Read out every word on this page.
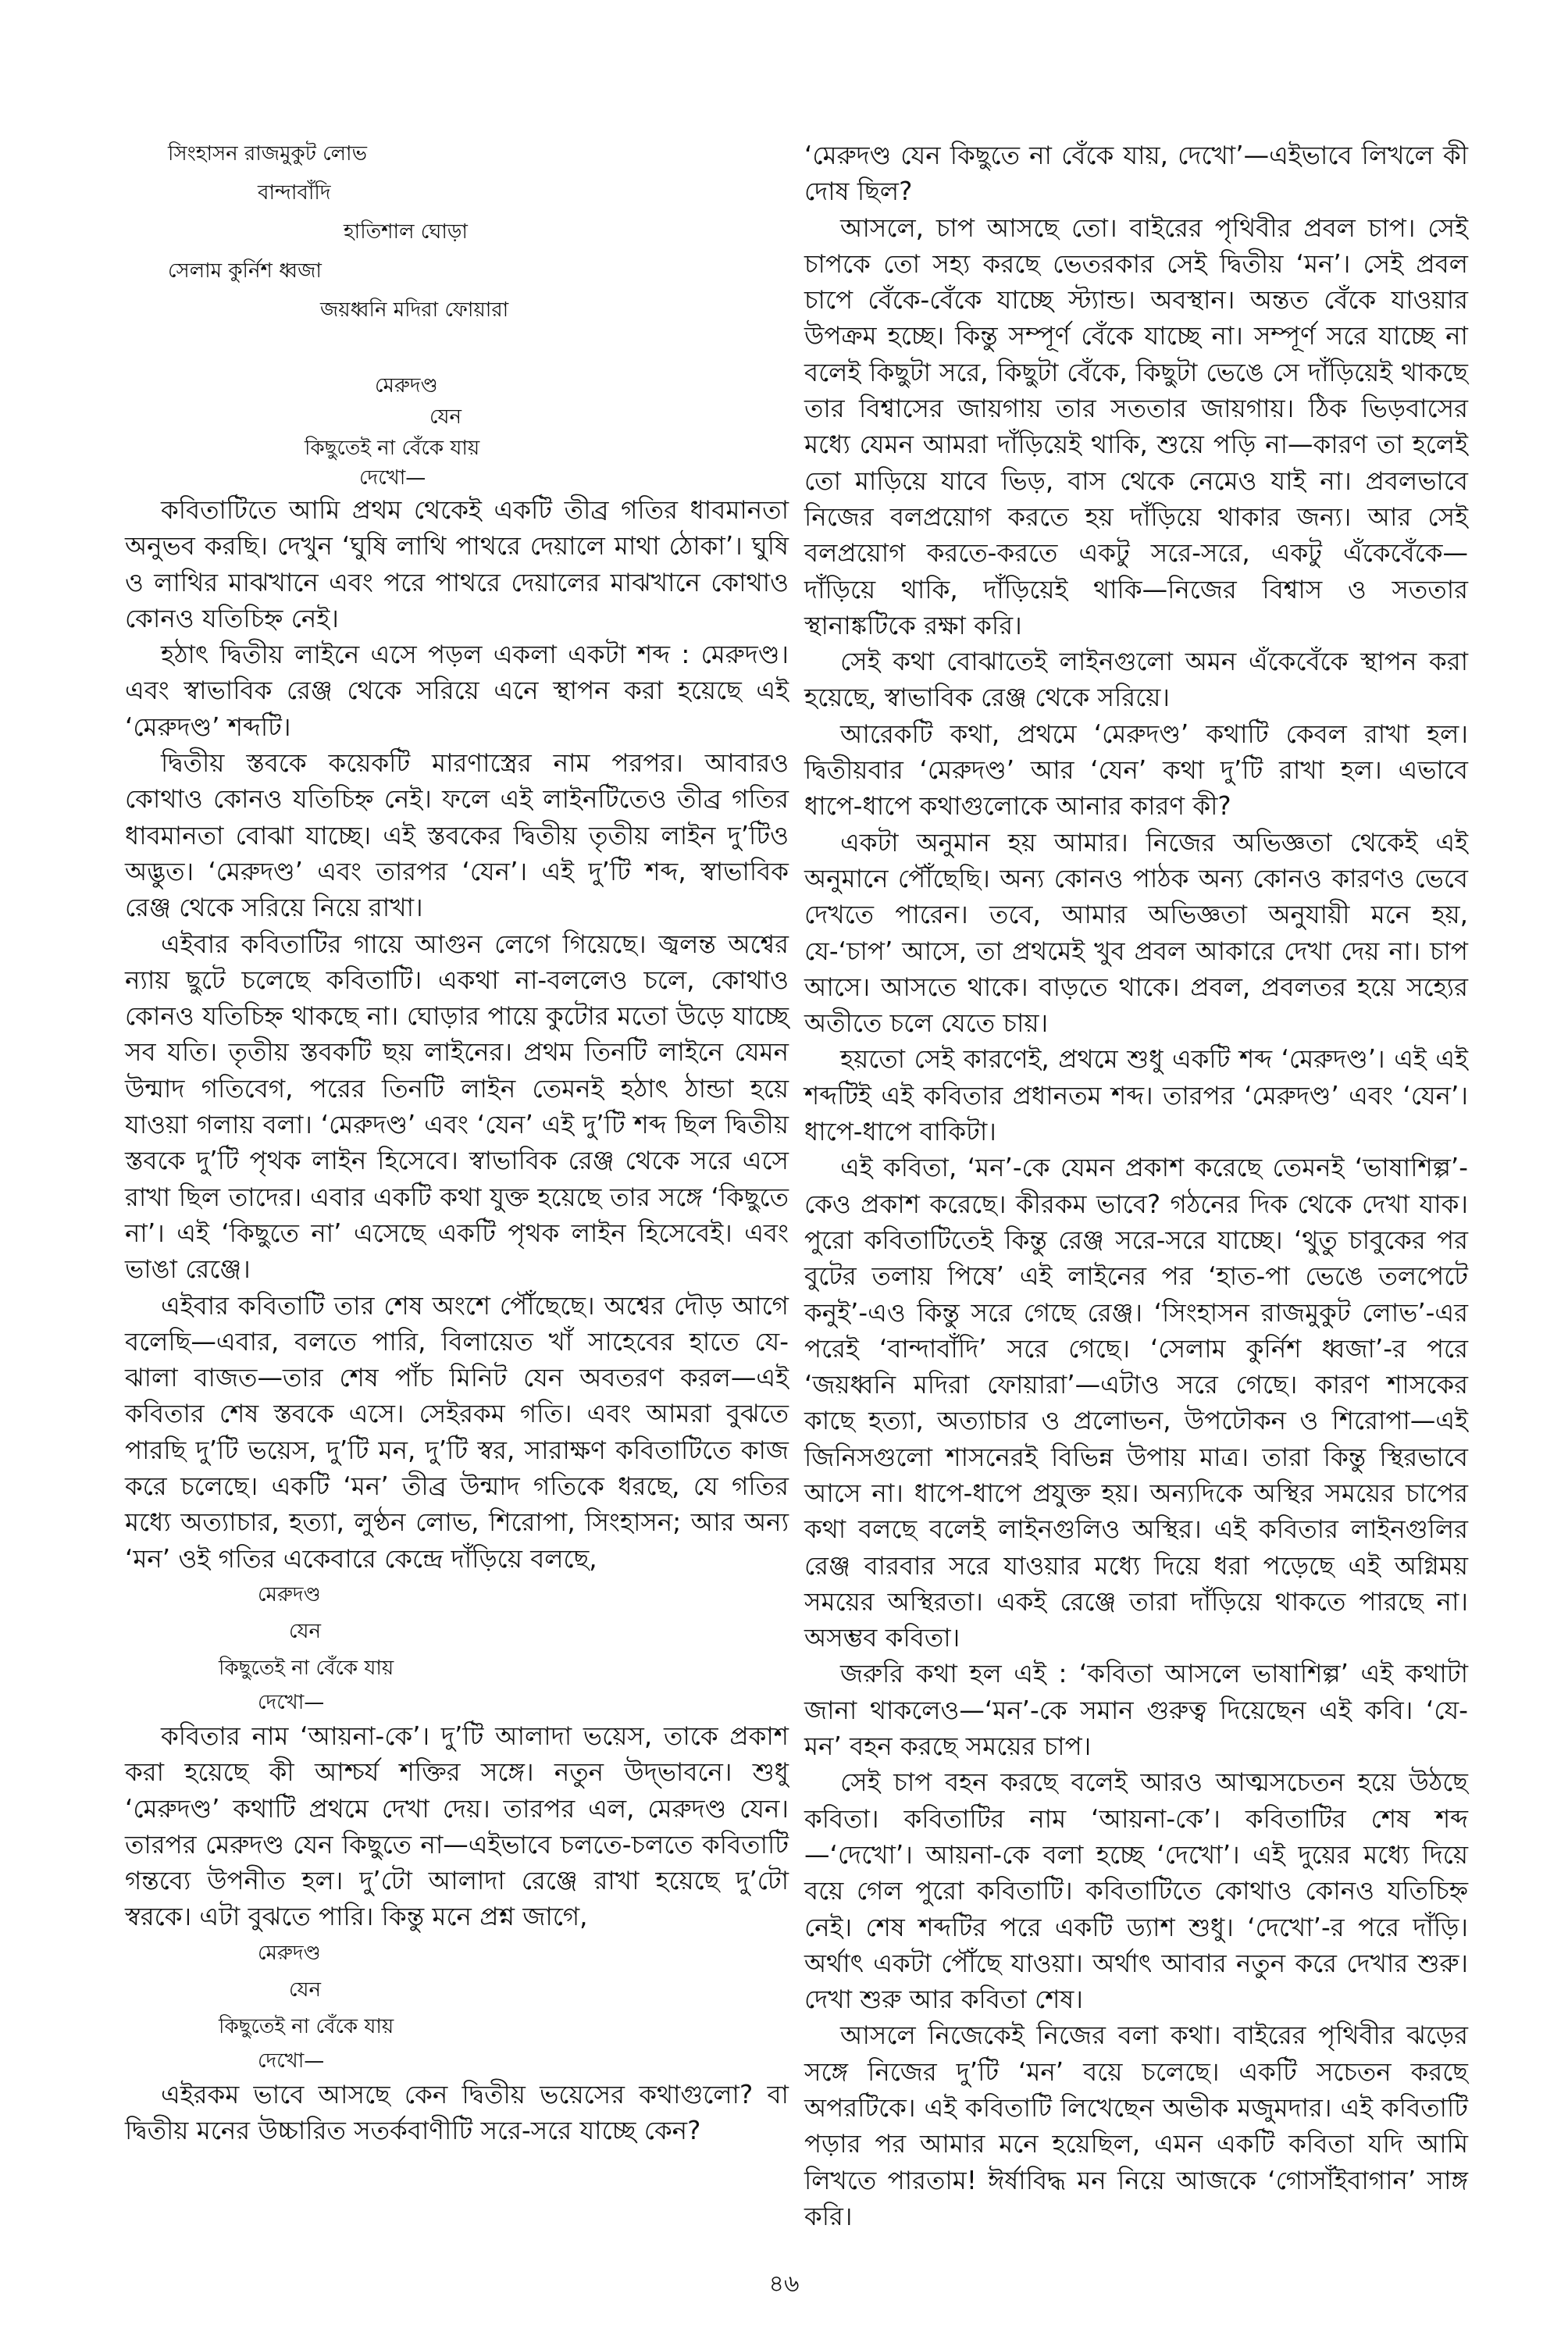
সিংহাসন রাজমুকুট লোভ

বান্দাবাঁদি

হাতিশাল ঘোড়া

সেলাম কুর্নিশ ধ্বজা

জয়ধ্বনি মদিরা ফোয়ারা

মেরুদণ্ড

যেন

কিছুতেই না বেঁকে যায়

দেখো—

কবিতাটিতে আমি প্রথম থেকেই একটি তীব্র গতির ধাবমানতা অনুভব করছি। দেখুন ‘ঘুষি লাথি পাথরে দেয়ালে মাথা ঠোকা’। ঘুষি ও লাথির মাঝখানে এবং পরে পাথরে দেয়ালের মাঝখানে কোথাও কোনও যতিচিহ্ন নেই।

হঠাৎ দ্বিতীয় লাইনে এসে পড়ল একলা একটা শব্দ : মেরুদণ্ড। এবং স্বাভাবিক রেঞ্জ থেকে সরিয়ে এনে স্থাপন করা হয়েছে এই ‘মেরুদণ্ড’ শব্দটি।

দ্বিতীয় স্তবকে কয়েকটি মারণাস্ত্রের নাম পরপর। আবারও কোথাও কোনও যতিচিহ্ন নেই। ফলে এই লাইনটিতেও তীব্র গতির ধাবমানতা বোঝা যাচ্ছে। এই স্তবকের দ্বিতীয় তৃতীয় লাইন দু’টিও অদ্ভুত। ‘মেরুদণ্ড’ এবং তারপর ‘যেন’। এই দু’টি শব্দ, স্বাভাবিক রেঞ্জ থেকে সরিয়ে নিয়ে রাখা।

এইবার কবিতাটির গায়ে আগুন লেগে গিয়েছে। জ্বলন্ত অশ্বের ন্যায় ছুটে চলেছে কবিতাটি। একথা না-বললেও চলে, কোথাও কোনও যতিচিহ্ন থাকছে না। ঘোড়ার পায়ে কুটোর মতো উড়ে যাচ্ছে সব যতি। তৃতীয় স্তবকটি ছয় লাইনের। প্রথম তিনটি লাইনে যেমন উন্মাদ গতিবেগ, পরের তিনটি লাইন তেমনই হঠাৎ ঠান্ডা হয়ে যাওয়া গলায় বলা। ‘মেরুদণ্ড’ এবং ‘যেন’ এই দু’টি শব্দ ছিল দ্বিতীয় স্তবকে দু’টি পৃথক লাইন হিসেবে। স্বাভাবিক রেঞ্জ থেকে সরে এসে রাখা ছিল তাদের। এবার একটি কথা যুক্ত হয়েছে তার সঙ্গে ‘কিছুতে না’। এই ‘কিছুতে না’ এসেছে একটি পৃথক লাইন হিসেবেই। এবং ভাঙা রেঞ্জে।

এইবার কবিতাটি তার শেষ অংশে পৌঁছেছে। অশ্বের দৌড় আগে বলেছি—এবার, বলতে পারি, বিলায়েত খাঁ সাহেবের হাতে যে-ঝালা বাজত—তার শেষ পাঁচ মিনিট যেন অবতরণ করল—এই কবিতার শেষ স্তবকে এসে। সেইরকম গতি। এবং আমরা বুঝতে পারছি দু’টি ভয়েস, দু’টি মন, দু’টি স্বর, সারাক্ষণ কবিতাটিতে কাজ করে চলেছে। একটি ‘মন’ তীব্র উন্মাদ গতিকে ধরছে, যে গতির মধ্যে অত্যাচার, হত্যা, লুণ্ঠন লোভ, শিরোপা, সিংহাসন; আর অন্য ‘মন’ ওই গতির একেবারে কেন্দ্রে দাঁড়িয়ে বলছে,

মেরুদণ্ড

যেন

কিছুতেই না বেঁকে যায়

দেখো—

কবিতার নাম ‘আয়না-কে’। দু’টি আলাদা ভয়েস, তাকে প্রকাশ করা হয়েছে কী আশ্চর্য শক্তির সঙ্গে। নতুন উদ্‌ভাবনে। শুধু ‘মেরুদণ্ড’ কথাটি প্রথমে দেখা দেয়। তারপর এল, মেরুদণ্ড যেন। তারপর মেরুদণ্ড যেন কিছুতে না—এইভাবে চলতে-চলতে কবিতাটি গন্তব্যে উপনীত হল। দু’টো আলাদা রেঞ্জে রাখা হয়েছে দু’টো স্বরকে। এটা বুঝতে পারি। কিন্তু মনে প্রশ্ন জাগে,

মেরুদণ্ড

যেন

কিছুতেই না বেঁকে যায়

দেখো—

এইরকম ভাবে আসছে কেন দ্বিতীয় ভয়েসের কথাগুলো? বা দ্বিতীয় মনের উচ্চারিত সতর্কবাণীটি সরে-সরে যাচ্ছে কেন?

‘মেরুদণ্ড যেন কিছুতে না বেঁকে যায়, দেখো’—এইভাবে লিখলে কী দোষ ছিল?

আসলে, চাপ আসছে তো। বাইরের পৃথিবীর প্রবল চাপ। সেই চাপকে তো সহ্য করছে ভেতরকার সেই দ্বিতীয় ‘মন’। সেই প্রবল চাপে বেঁকে-বেঁকে যাচ্ছে স্ট্যান্ড। অবস্থান। অন্তত বেঁকে যাওয়ার উপক্রম হচ্ছে। কিন্তু সম্পূর্ণ বেঁকে যাচ্ছে না। সম্পূর্ণ সরে যাচ্ছে না বলেই কিছুটা সরে, কিছুটা বেঁকে, কিছুটা ভেঙে সে দাঁড়িয়েই থাকছে তার বিশ্বাসের জায়গায় তার সততার জায়গায়। ঠিক ভিড়বাসের মধ্যে যেমন আমরা দাঁড়িয়েই থাকি, শুয়ে পড়ি না—কারণ তা হলেই তো মাড়িয়ে যাবে ভিড়, বাস থেকে নেমেও যাই না। প্রবলভাবে নিজের বলপ্রয়োগ করতে হয় দাঁড়িয়ে থাকার জন্য। আর সেই বলপ্রয়োগ করতে-করতে একটু সরে-সরে, একটু এঁকেবেঁকে—দাঁড়িয়ে থাকি, দাঁড়িয়েই থাকি—নিজের বিশ্বাস ও সততার স্থানাঙ্কটিকে রক্ষা করি।

সেই কথা বোঝাতেই লাইনগুলো অমন এঁকেবেঁকে স্থাপন করা হয়েছে, স্বাভাবিক রেঞ্জ থেকে সরিয়ে।

আরেকটি কথা, প্রথমে ‘মেরুদণ্ড’ কথাটি কেবল রাখা হল। দ্বিতীয়বার ‘মেরুদণ্ড’ আর ‘যেন’ কথা দু’টি রাখা হল। এভাবে ধাপে-ধাপে কথাগুলোকে আনার কারণ কী?

একটা অনুমান হয় আমার। নিজের অভিজ্ঞতা থেকেই এই অনুমানে পৌঁছেছি। অন্য কোনও পাঠক অন্য কোনও কারণও ভেবে দেখতে পারেন। তবে, আমার অভিজ্ঞতা অনুযায়ী মনে হয়, যে-‘চাপ’ আসে, তা প্রথমেই খুব প্রবল আকারে দেখা দেয় না। চাপ আসে। আসতে থাকে। বাড়তে থাকে। প্রবল, প্রবলতর হয়ে সহ্যের অতীতে চলে যেতে চায়।

হয়তো সেই কারণেই, প্রথমে শুধু একটি শব্দ ‘মেরুদণ্ড’। এই এই শব্দটিই এই কবিতার প্রধানতম শব্দ। তারপর ‘মেরুদণ্ড’ এবং ‘যেন’। ধাপে-ধাপে বাকিটা।

এই কবিতা, ‘মন’-কে যেমন প্রকাশ করেছে তেমনই ‘ভাষাশিল্প’-কেও প্রকাশ করেছে। কীরকম ভাবে? গঠনের দিক থেকে দেখা যাক। পুরো কবিতাটিতেই কিন্তু রেঞ্জ সরে-সরে যাচ্ছে। ‘থুতু চাবুকের পর বুটের তলায় পিষে’ এই লাইনের পর ‘হাত-পা ভেঙে তলপেটে কনুই’-এও কিন্তু সরে গেছে রেঞ্জ। ‘সিংহাসন রাজমুকুট লোভ’-এর পরেই ‘বান্দাবাঁদি’ সরে গেছে। ‘সেলাম কুর্নিশ ধ্বজা’-র পরে ‘জয়ধ্বনি মদিরা ফোয়ারা’—এটাও সরে গেছে। কারণ শাসকের কাছে হত্যা, অত্যাচার ও প্রলোভন, উপঢৌকন ও শিরোপা—এই জিনিসগুলো শাসনেরই বিভিন্ন উপায় মাত্র। তারা কিন্তু স্থিরভাবে আসে না। ধাপে-ধাপে প্রযুক্ত হয়। অন্যদিকে অস্থির সময়ের চাপের কথা বলছে বলেই লাইনগুলিও অস্থির। এই কবিতার লাইনগুলির রেঞ্জ বারবার সরে যাওয়ার মধ্যে দিয়ে ধরা পড়েছে এই অগ্নিময় সময়ের অস্থিরতা। একই রেঞ্জে তারা দাঁড়িয়ে থাকতে পারছে না। অসম্ভব কবিতা।

জরুরি কথা হল এই : ‘কবিতা আসলে ভাষাশিল্প’ এই কথাটা জানা থাকলেও—‘মন’-কে সমান গুরুত্ব দিয়েছেন এই কবি। ‘যে-মন’ বহন করছে সময়ের চাপ।

সেই চাপ বহন করছে বলেই আরও আত্মসচেতন হয়ে উঠছে কবিতা। কবিতাটির নাম ‘আয়না-কে’। কবিতাটির শেষ শব্দ—‘দেখো’। আয়না-কে বলা হচ্ছে ‘দেখো’। এই দুয়ের মধ্যে দিয়ে বয়ে গেল পুরো কবিতাটি। কবিতাটিতে কোথাও কোনও যতিচিহ্ন নেই। শেষ শব্দটির পরে একটি ড্যাশ শুধু। ‘দেখো’-র পরে দাঁড়ি। অর্থাৎ একটা পৌঁছে যাওয়া। অর্থাৎ আবার নতুন করে দেখার শুরু। দেখা শুরু আর কবিতা শেষ।

আসলে নিজেকেই নিজের বলা কথা। বাইরের পৃথিবীর ঝড়ের সঙ্গে নিজের দু’টি ‘মন’ বয়ে চলেছে। একটি সচেতন করছে অপরটিকে। এই কবিতাটি লিখেছেন অভীক মজুমদার। এই কবিতাটি পড়ার পর আমার মনে হয়েছিল, এমন একটি কবিতা যদি আমি লিখতে পারতাম! ঈর্ষাবিদ্ধ মন নিয়ে আজকে ‘গোসাঁইবাগান’ সাঙ্গ করি।

৪৬
